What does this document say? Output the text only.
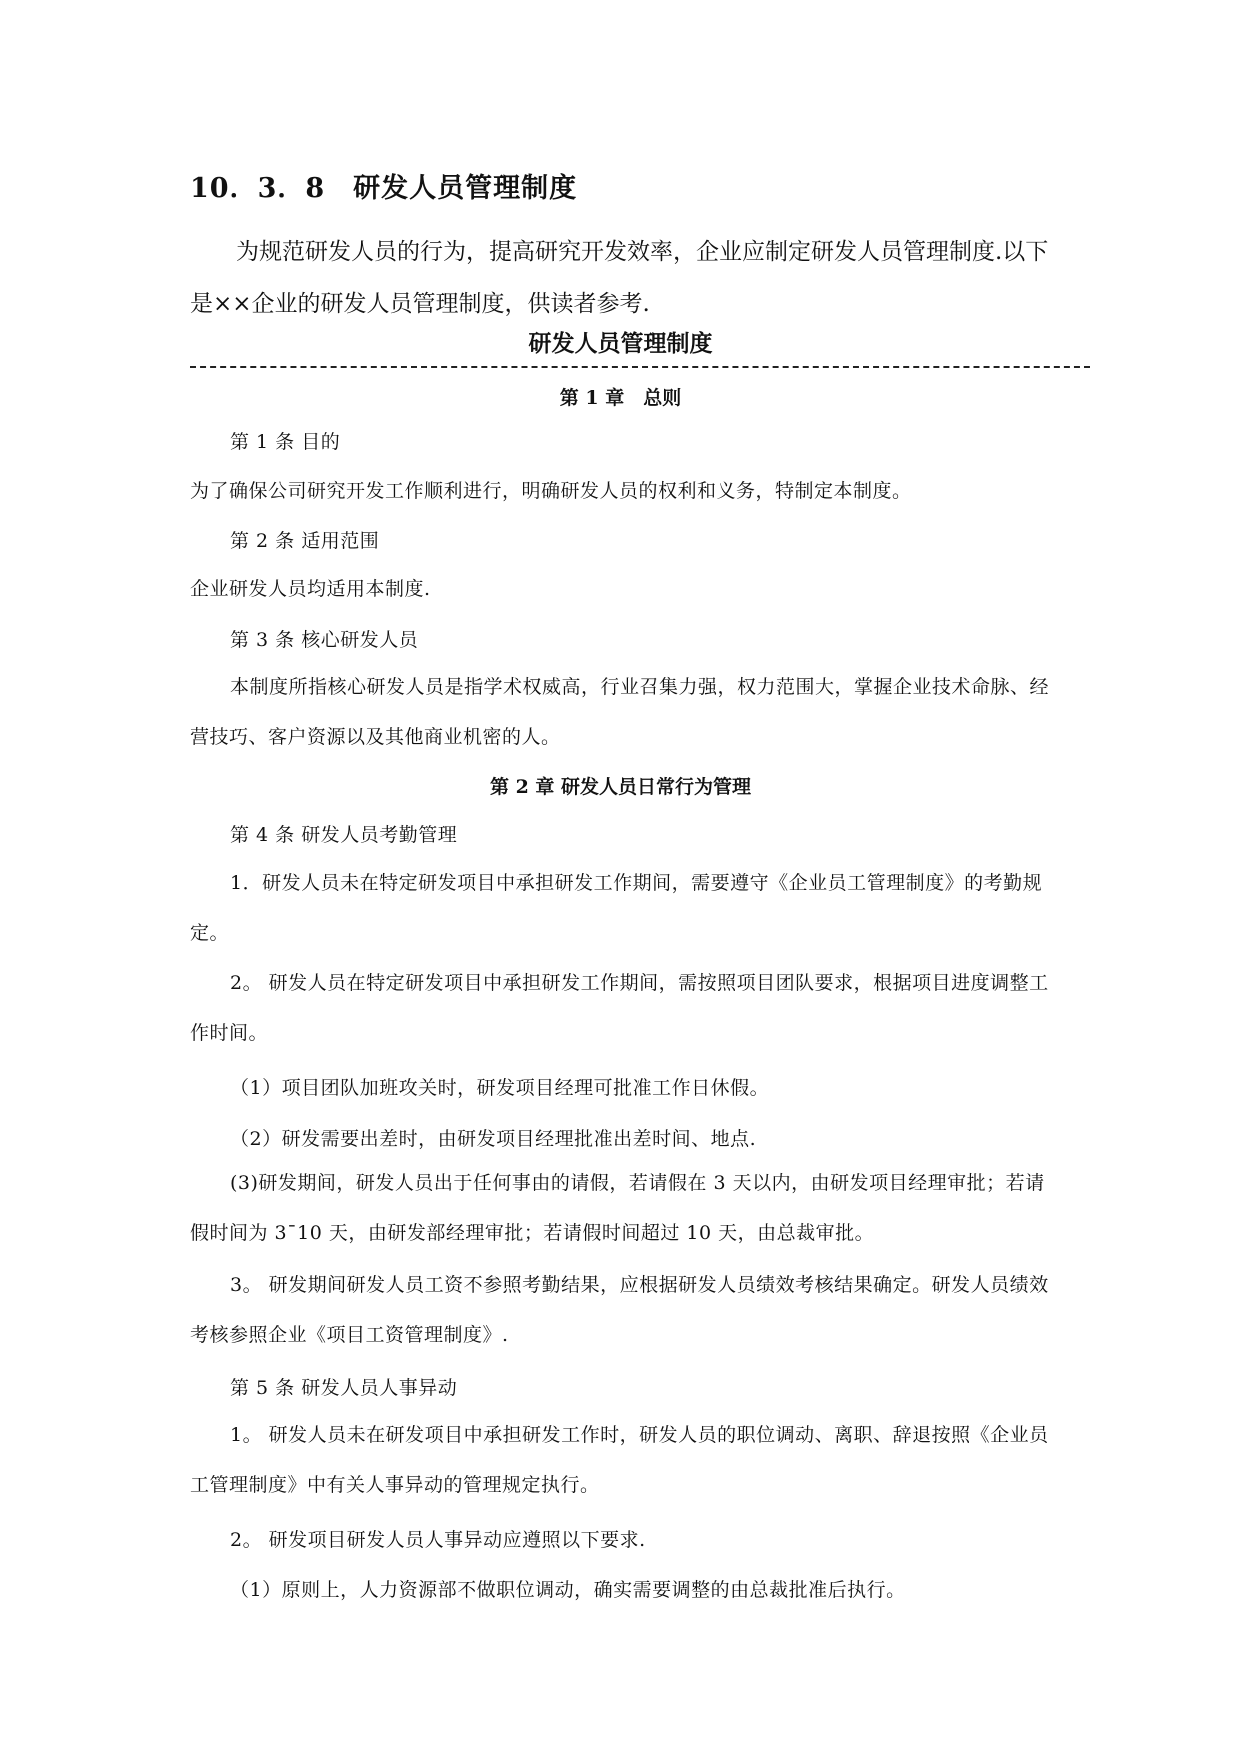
10．3．8　研发人员管理制度

为规范研发人员的行为，提高研究开发效率，企业应制定研发人员管理制度.以下是××企业的研发人员管理制度，供读者参考.

研发人员管理制度
第 1 章　总则

第 1 条 目的

为了确保公司研究开发工作顺利进行，明确研发人员的权利和义务，特制定本制度。

第 2 条 适用范围

企业研发人员均适用本制度.

第 3 条 核心研发人员

本制度所指核心研发人员是指学术权威高，行业召集力强，权力范围大，掌握企业技术命脉、经营技巧、客户资源以及其他商业机密的人。

第 2 章 研发人员日常行为管理

第 4 条 研发人员考勤管理

1．研发人员未在特定研发项目中承担研发工作期间，需要遵守《企业员工管理制度》的考勤规定。

2。 研发人员在特定研发项目中承担研发工作期间，需按照项目团队要求，根据项目进度调整工作时间。

（1）项目团队加班攻关时，研发项目经理可批准工作日休假。

（2）研发需要出差时，由研发项目经理批准出差时间、地点.

(3)研发期间，研发人员出于任何事由的请假，若请假在 3 天以内，由研发项目经理审批；若请假时间为 3¯10 天，由研发部经理审批；若请假时间超过 10 天，由总裁审批。

3。 研发期间研发人员工资不参照考勤结果，应根据研发人员绩效考核结果确定。研发人员绩效考核参照企业《项目工资管理制度》.

第 5 条 研发人员人事异动

1。 研发人员未在研发项目中承担研发工作时，研发人员的职位调动、离职、辞退按照《企业员工管理制度》中有关人事异动的管理规定执行。

2。 研发项目研发人员人事异动应遵照以下要求.

（1）原则上，人力资源部不做职位调动，确实需要调整的由总裁批准后执行。
